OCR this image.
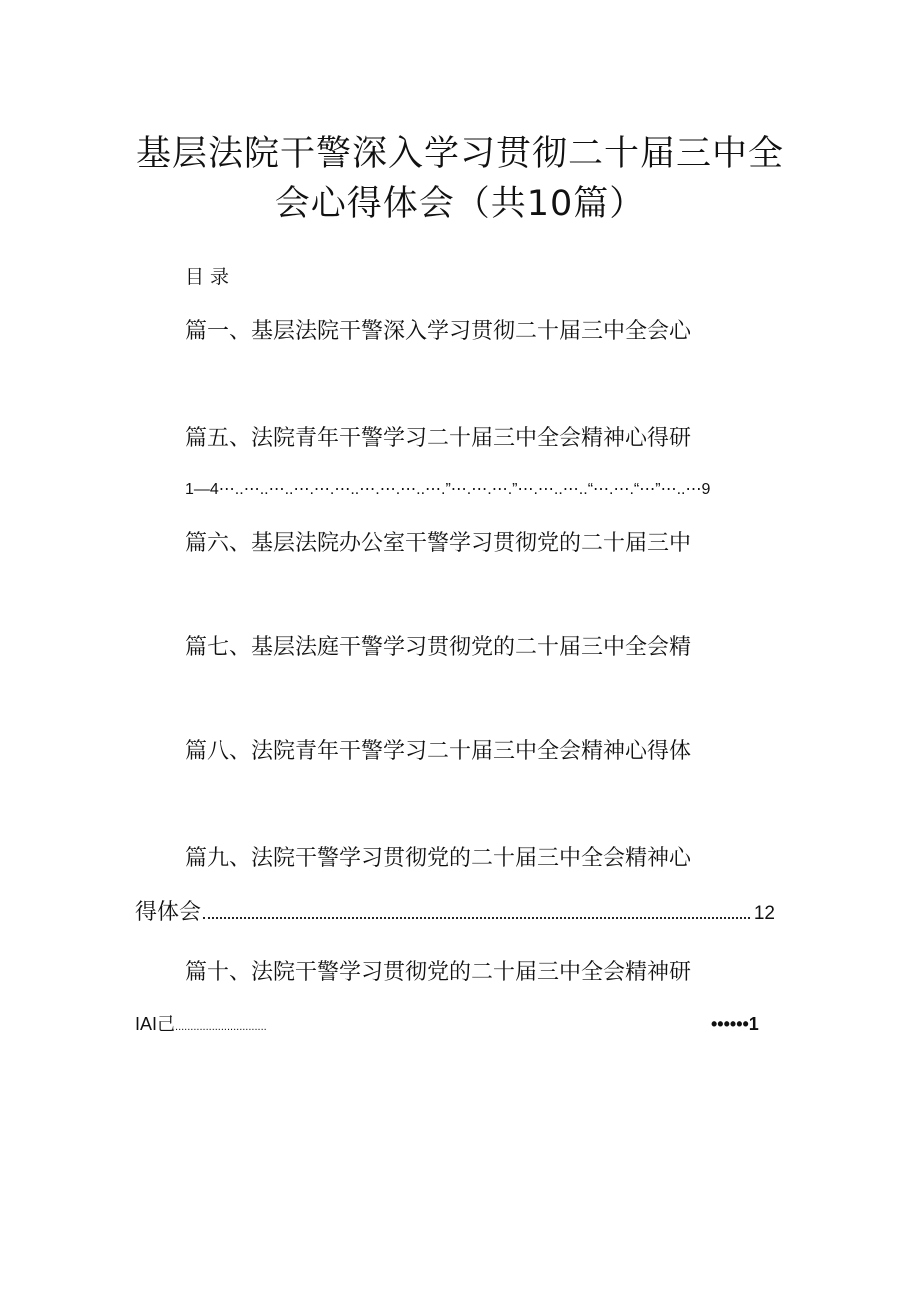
基层法院干警深入学习贯彻二十届三中全
会心得体会（共10篇）
目录
篇一、基层法院干警深入学习贯彻二十届三中全会心
篇五、法院青年干警学习二十届三中全会精神心得研
1—4⋯..⋯..⋯..⋯.⋯.⋯..⋯.⋯.⋯..⋯.”⋯.⋯.⋯.”⋯.⋯..⋯..“⋯.⋯.“⋯”⋯..⋯9
篇六、基层法院办公室干警学习贯彻党的二十届三中
篇七、基层法庭干警学习贯彻党的二十届三中全会精
篇八、法院青年干警学习二十届三中全会精神心得体
篇九、法院干警学习贯彻党的二十届三中全会精神心
得体会	12
篇十、法院干警学习贯彻党的二十届三中全会精神研
IAI己..............................	••••••1
